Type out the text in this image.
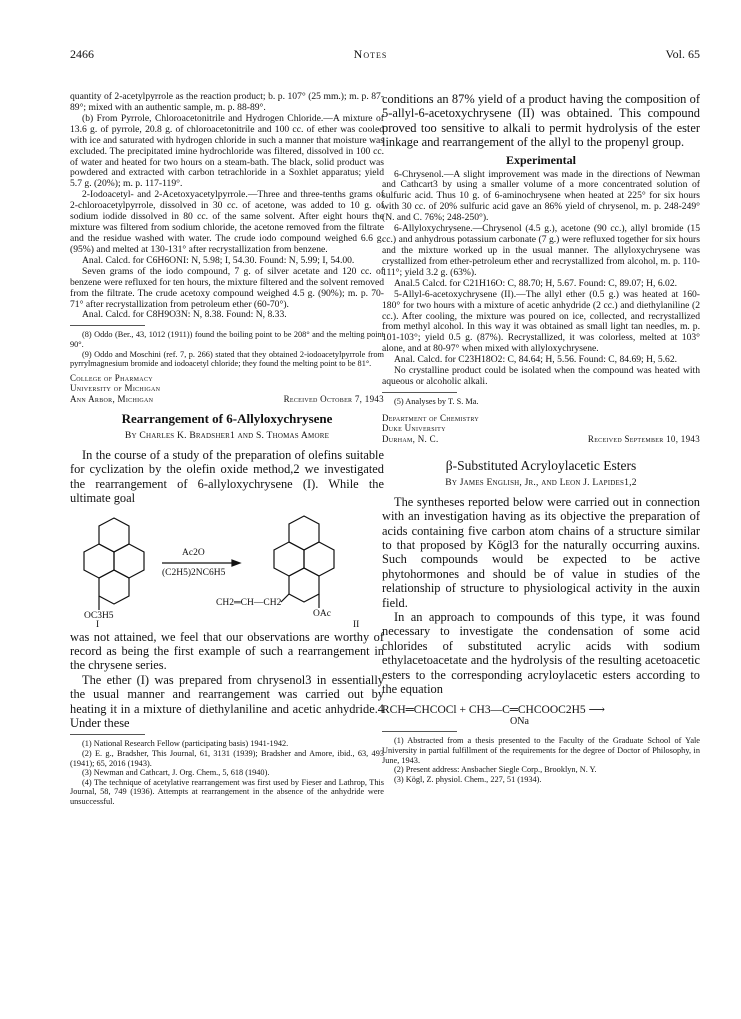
2466	Notes	Vol. 65

quantity of 2-acetylpyrrole as the reaction product; b. p. 107° (25 mm.); m. p. 87-89°; mixed with an authentic sample, m. p. 88-89°.

(b) From Pyrrole, Chloroacetonitrile and Hydrogen Chloride.—A mixture of 13.6 g. of pyrrole, 20.8 g. of chloroacetonitrile and 100 cc. of ether was cooled with ice and saturated with hydrogen chloride in such a manner that moisture was excluded. The precipitated imine hydrochloride was filtered, dissolved in 100 cc. of water and heated for two hours on a steam-bath. The black, solid product was powdered and extracted with carbon tetrachloride in a Soxhlet apparatus; yield 5.7 g. (20%); m. p. 117-119°.

2-Iodoacetyl- and 2-Acetoxyacetylpyrrole.—Three and three-tenths grams of 2-chloroacetylpyrrole, dissolved in 30 cc. of acetone, was added to 10 g. of sodium iodide dissolved in 80 cc. of the same solvent. After eight hours the mixture was filtered from sodium chloride, the acetone removed from the filtrate and the residue washed with water. The crude iodo compound weighed 6.6 g. (95%) and melted at 130-131° after recrystallization from benzene.

Anal. Calcd. for C6H6ONI: N, 5.98; I, 54.30. Found: N, 5.99; I, 54.00.

Seven grams of the iodo compound, 7 g. of silver acetate and 120 cc. of benzene were refluxed for ten hours, the mixture filtered and the solvent removed from the filtrate. The crude acetoxy compound weighed 4.5 g. (90%); m. p. 70-71° after recrystallization from petroleum ether (60-70°).

Anal. Calcd. for C8H9O3N: N, 8.38. Found: N, 8.33.

(8) Oddo (Ber., 43, 1012 (1911)) found the boiling point to be 208° and the melting point 90°.

(9) Oddo and Moschini (ref. 7, p. 266) stated that they obtained 2-iodoacetylpyrrole from pyrrylmagnesium bromide and iodoacetyl chloride; they found the melting point to be 81°.

College of Pharmacy

University of Michigan

Ann Arbor, Michigan	Received October 7, 1943
Rearrangement of 6-Allyloxychrysene
By Charles K. Bradsher1 and S. Thomas Amore

In the course of a study of the preparation of olefins suitable for cyclization by the olefin oxide method,2 we investigated the rearrangement of 6-allyloxychrysene (I). While the ultimate goal

Ac2O
(C2H5)2NC6H5
OC3H5
I
CH2═CH—CH2
OAc
II

was not attained, we feel that our observations are worthy of record as being the first example of such a rearrangement in the chrysene series.

The ether (I) was prepared from chrysenol3 in essentially the usual manner and rearrangement was carried out by heating it in a mixture of diethylaniline and acetic anhydride.4 Under these

(1) National Research Fellow (participating basis) 1941-1942.

(2) E. g., Bradsher, This Journal, 61, 3131 (1939); Bradsher and Amore, ibid., 63, 493 (1941); 65, 2016 (1943).

(3) Newman and Cathcart, J. Org. Chem., 5, 618 (1940).

(4) The technique of acetylative rearrangement was first used by Fieser and Lathrop, This Journal, 58, 749 (1936). Attempts at rearrangement in the absence of the anhydride were unsuccessful.

conditions an 87% yield of a product having the composition of 5-allyl-6-acetoxychrysene (II) was obtained. This compound proved too sensitive to alkali to permit hydrolysis of the ester linkage and rearrangement of the allyl to the propenyl group.

Experimental

6-Chrysenol.—A slight improvement was made in the directions of Newman and Cathcart3 by using a smaller volume of a more concentrated solution of sulfuric acid. Thus 10 g. of 6-aminochrysene when heated at 225° for six hours with 30 cc. of 20% sulfuric acid gave an 86% yield of chrysenol, m. p. 248-249° (N. and C. 76%; 248-250°).

6-Allyloxychrysene.—Chrysenol (4.5 g.), acetone (90 cc.), allyl bromide (15 cc.) and anhydrous potassium carbonate (7 g.) were refluxed together for six hours and the mixture worked up in the usual manner. The allyloxychrysene was crystallized from ether-petroleum ether and recrystallized from alcohol, m. p. 110-111°; yield 3.2 g. (63%).

Anal.5 Calcd. for C21H16O: C, 88.70; H, 5.67. Found: C, 89.07; H, 6.02.

5-Allyl-6-acetoxychrysene (II).—The allyl ether (0.5 g.) was heated at 160-180° for two hours with a mixture of acetic anhydride (2 cc.) and diethylaniline (2 cc.). After cooling, the mixture was poured on ice, collected, and recrystallized from methyl alcohol. In this way it was obtained as small light tan needles, m. p. 101-103°; yield 0.5 g. (87%). Recrystallized, it was colorless, melted at 103° alone, and at 80-97° when mixed with allyloxychrysene.

Anal. Calcd. for C23H18O2: C, 84.64; H, 5.56. Found: C, 84.69; H, 5.62.

No crystalline product could be isolated when the compound was heated with aqueous or alcoholic alkali.

(5) Analyses by T. S. Ma.

Department of Chemistry

Duke University

Durham, N. C.	Received September 10, 1943
β-Substituted Acryloylacetic Esters
By James English, Jr., and Leon J. Lapides1,2

The syntheses reported below were carried out in connection with an investigation having as its objective the preparation of acids containing five carbon atom chains of a structure similar to that proposed by Kögl3 for the naturally occurring auxins. Such compounds would be expected to be active phytohormones and should be of value in studies of the relationship of structure to physiological activity in the auxin field.

In an approach to compounds of this type, it was found necessary to investigate the condensation of some acid chlorides of substituted acrylic acids with sodium ethylacetoacetate and the hydrolysis of the resulting acetoacetic esters to the corresponding acryloylacetic esters according to the equation

RCH═CHCOCl + CH3—C═CHCOOC2H5 ⟶
ONa

(1) Abstracted from a thesis presented to the Faculty of the Graduate School of Yale University in partial fulfillment of the requirements for the degree of Doctor of Philosophy, in June, 1943.

(2) Present address: Ansbacher Siegle Corp., Brooklyn, N. Y.

(3) Kögl, Z. physiol. Chem., 227, 51 (1934).
